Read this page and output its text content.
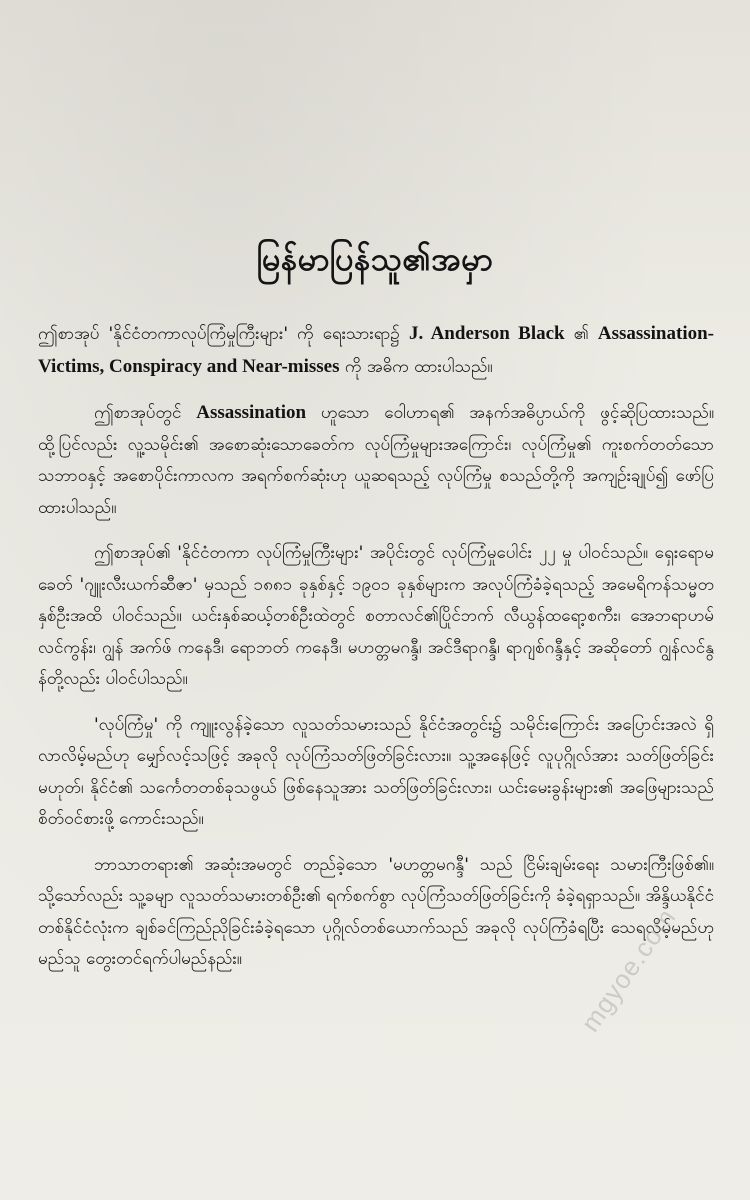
မြန်မာပြန်သူ၏အမှာ

ဤစာအုပ် 'နိုင်ငံတကာလုပ်ကြံမှုကြီးများ' ကို ရေးသားရာ၌ J. Anderson Black ၏ Assassination-Victims, Conspiracy and Near-misses ကို အဓိက ထားပါသည်။

ဤစာအုပ်တွင် Assassination ဟူသော ဝေါဟာရ၏ အနက်အဓိပ္ပာယ်ကို ဖွင့်ဆိုပြထားသည်။ ထို့ပြင်လည်း လူ့သမိုင်း၏ အစောဆုံးသောခေတ်က လုပ်ကြံမှုများအကြောင်း၊ လုပ်ကြံမှု၏ ကူးစက်တတ်သော သဘာဝနှင့် အစောပိုင်းကာလက အရက်စက်ဆုံးဟု ယူဆရသည့် လုပ်ကြံမှု စသည်တို့ကို အကျဉ်းချုပ်၍ ဖော်ပြထားပါသည်။

ဤစာအုပ်၏ 'နိုင်ငံတကာ လုပ်ကြံမှုကြီးများ' အပိုင်းတွင် လုပ်ကြံမှုပေါင်း ၂၂ မှု ပါဝင်သည်။ ရှေးရောမခေတ် 'ဂျူးလီးယက်ဆီဇာ' မှသည် ၁၈၈၁ ခုနှစ်နှင့် ၁၉၀၁ ခုနှစ်များက အလုပ်ကြံခံခဲ့ရသည့် အမေရိကန်သမ္မတနှစ်ဦးအထိ ပါဝင်သည်။ ယင်းနှစ်ဆယ့်တစ်ဦးထဲတွင် စတာလင်၏ပြိုင်ဘက် လီယွန်ထရော့စကီး၊ အေဘရာဟမ် လင်ကွန်း၊ ဂျွန် အက်ဖ် ကနေဒီ၊ ရောဘတ် ကနေဒီ၊ မဟတ္တမဂန္ဒီ၊ အင်ဒီရာဂန္ဒီ၊ ရာဂျစ်ဂန္ဒီနှင့် အဆိုတော် ဂျွန်လင်နွန်တို့လည်း ပါဝင်ပါသည်။

'လုပ်ကြံမှု' ကို ကျူးလွန်ခဲ့သော လူသတ်သမားသည် နိုင်ငံအတွင်း၌ သမိုင်းကြောင်း အပြောင်းအလဲ ရှိလာလိမ့်မည်ဟု မျှော်လင့်သဖြင့် အခုလို လုပ်ကြံသတ်ဖြတ်ခြင်းလား။ သူ့အနေဖြင့် လူပုဂ္ဂိုလ်အား သတ်ဖြတ်ခြင်း မဟုတ်၊ နိုင်ငံ၏ သင်္ကေတတစ်ခုသဖွယ် ဖြစ်နေသူအား သတ်ဖြတ်ခြင်းလား၊ ယင်းမေးခွန်းများ၏ အဖြေများသည် စိတ်ဝင်စားဖို့ ကောင်းသည်။

ဘာသာတရား၏ အဆုံးအမတွင် တည်ခဲ့သော 'မဟတ္တမဂန္ဒီ' သည် ငြိမ်းချမ်းရေး သမားကြီးဖြစ်၏။ သို့သော်လည်း သူ့ခမျာ လူသတ်သမားတစ်ဦး၏ ရက်စက်စွာ လုပ်ကြံသတ်ဖြတ်ခြင်းကို ခံခဲ့ရရှာသည်။ အိန္ဒိယနိုင်ငံတစ်နိုင်ငံလုံးက ချစ်ခင်ကြည်ညိုခြင်းခံခဲ့ရသော ပုဂ္ဂိုလ်တစ်ယောက်သည် အခုလို လုပ်ကြံခံရပြီး သေရလိမ့်မည်ဟု မည်သူ တွေးတင်ရက်ပါမည်နည်း။	mgyoe.com
